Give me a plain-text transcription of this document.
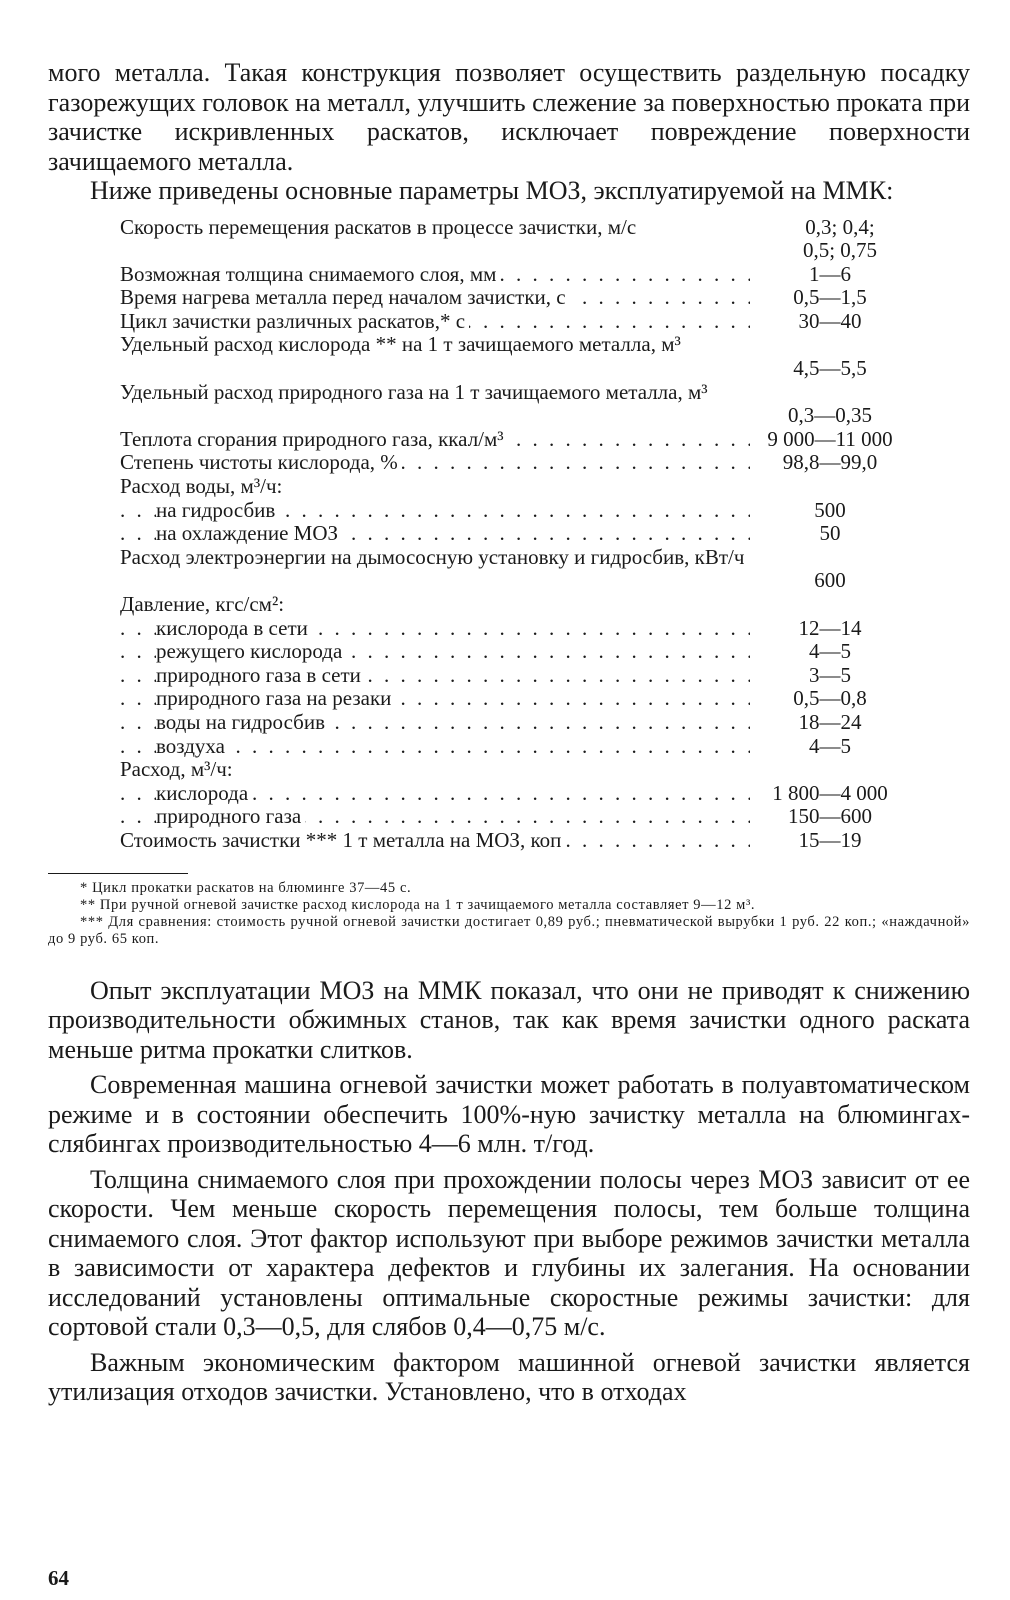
мого металла. Такая конструкция позволяет осуществить раздельную посадку газорежущих головок на металл, улучшить слежение за поверхностью проката при зачистке искривленных раскатов, исключает повреждение поверхности зачищаемого металла.

Ниже приведены основные параметры МОЗ, эксплуатируемой на ММК:

Скорость перемещения раскатов в процессе зачистки, м/с	0,3; 0,4;
0,5; 0,75
Возможная толщина снимаемого слоя, мм . . .	1—6
Время нагрева металла перед началом зачистки, с . . .	0,5—1,5
Цикл зачистки различных раскатов,* с . . .	30—40
Удельный расход кислорода ** на 1 т зачищаемого металла, м³
4,5—5,5
Удельный расход природного газа на 1 т зачищаемого металла, м³
0,3—0,35
Теплота сгорания природного газа, ккал/м³ . . .	9 000—11 000
Степень чистоты кислорода, % . . .	98,8—99,0
Расход воды, м³/ч:
на гидросбив . . .	500
на охлаждение МОЗ . . .	50
Расход электроэнергии на дымососную установку и гидросбив, кВт/ч
600
Давление, кгс/см²:
кислорода в сети . . .	12—14
режущего кислорода . . .	4—5
природного газа в сети . . .	3—5
природного газа на резаки . . .	0,5—0,8
воды на гидросбив . . .	18—24
воздуха . . .	4—5
Расход, м³/ч:
кислорода . . .	1 800—4 000
природного газа . . .	150—600
Стоимость зачистки *** 1 т металла на МОЗ, коп . . .	15—19
* Цикл прокатки раскатов на блюминге 37—45 с.
** При ручной огневой зачистке расход кислорода на 1 т зачищаемого металла составляет 9—12 м³.
*** Для сравнения: стоимость ручной огневой зачистки достигает 0,89 руб.; пневматической вырубки 1 руб. 22 коп.; «наждачной» до 9 руб. 65 коп.

Опыт эксплуатации МОЗ на ММК показал, что они не приводят к снижению производительности обжимных станов, так как время зачистки одного раската меньше ритма прокатки слитков.

Современная машина огневой зачистки может работать в полуавтоматическом режиме и в состоянии обеспечить 100%-ную зачистку металла на блюмингах-слябингах производительностью 4—6 млн. т/год.

Толщина снимаемого слоя при прохождении полосы через МОЗ зависит от ее скорости. Чем меньше скорость перемещения полосы, тем больше толщина снимаемого слоя. Этот фактор используют при выборе режимов зачистки металла в зависимости от характера дефектов и глубины их залегания. На основании исследований установлены оптимальные скоростные режимы зачистки: для сортовой стали 0,3—0,5, для слябов 0,4—0,75 м/с.

Важным экономическим фактором машинной огневой зачистки является утилизация отходов зачистки. Установлено, что в отходах

64
